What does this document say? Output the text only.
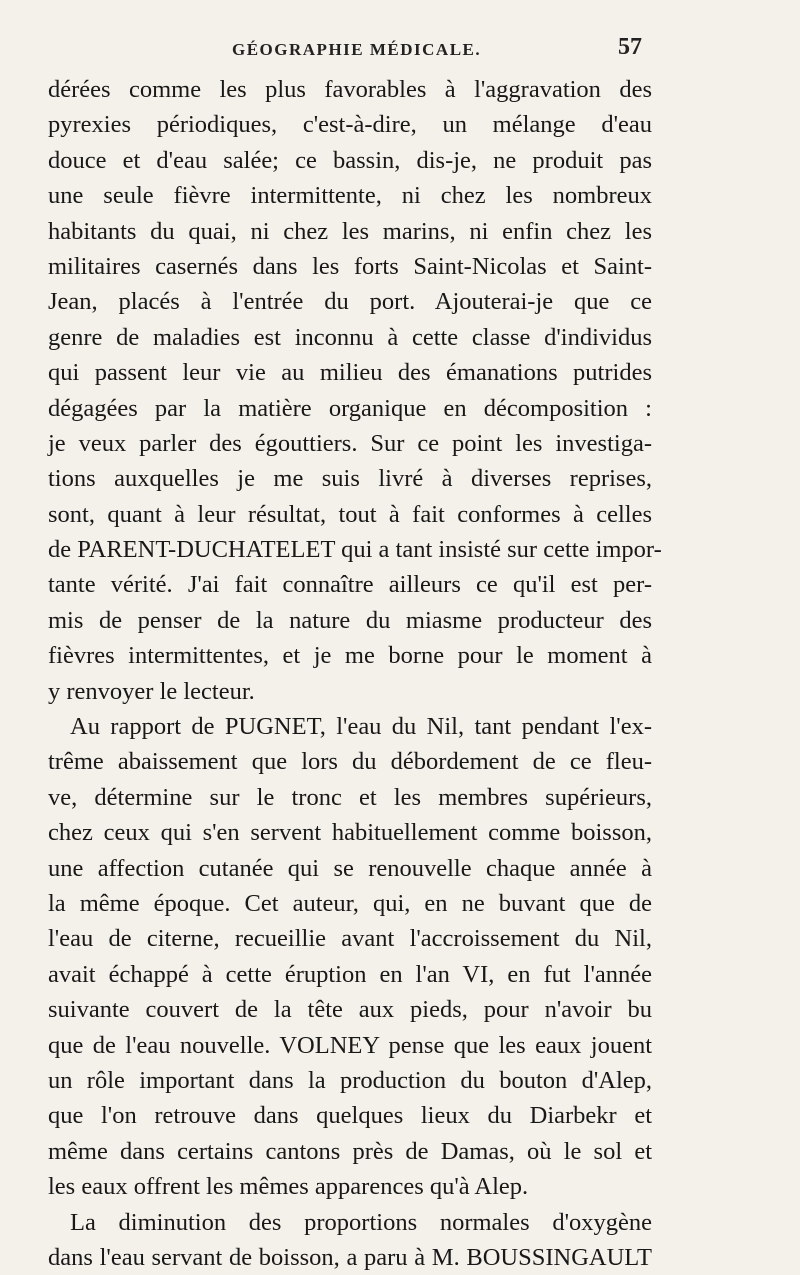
GÉOGRAPHIE MÉDICALE.	57
dérées comme les plus favorables à l'aggravation des
pyrexies périodiques, c'est-à-dire, un mélange d'eau
douce et d'eau salée; ce bassin, dis-je, ne produit pas
une seule fièvre intermittente, ni chez les nombreux
habitants du quai, ni chez les marins, ni enfin chez les
militaires casernés dans les forts Saint-Nicolas et Saint-
Jean, placés à l'entrée du port. Ajouterai-je que ce
genre de maladies est inconnu à cette classe d'individus
qui passent leur vie au milieu des émanations putrides
dégagées par la matière organique en décomposition :
je veux parler des égouttiers. Sur ce point les investiga-
tions auxquelles je me suis livré à diverses reprises,
sont, quant à leur résultat, tout à fait conformes à celles
de PARENT-DUCHATELET qui a tant insisté sur cette impor-
tante vérité. J'ai fait connaître ailleurs ce qu'il est per-
mis de penser de la nature du miasme producteur des
fièvres intermittentes, et je me borne pour le moment à
y renvoyer le lecteur.
Au rapport de PUGNET, l'eau du Nil, tant pendant l'ex-
trême abaissement que lors du débordement de ce fleu-
ve, détermine sur le tronc et les membres supérieurs,
chez ceux qui s'en servent habituellement comme boisson,
une affection cutanée qui se renouvelle chaque année à
la même époque. Cet auteur, qui, en ne buvant que de
l'eau de citerne, recueillie avant l'accroissement du Nil,
avait échappé à cette éruption en l'an VI, en fut l'année
suivante couvert de la tête aux pieds, pour n'avoir bu
que de l'eau nouvelle. VOLNEY pense que les eaux jouent
un rôle important dans la production du bouton d'Alep,
que l'on retrouve dans quelques lieux du Diarbekr et
même dans certains cantons près de Damas, où le sol et
les eaux offrent les mêmes apparences qu'à Alep.
La diminution des proportions normales d'oxygène
dans l'eau servant de boisson, a paru à M. BOUSSINGAULT
